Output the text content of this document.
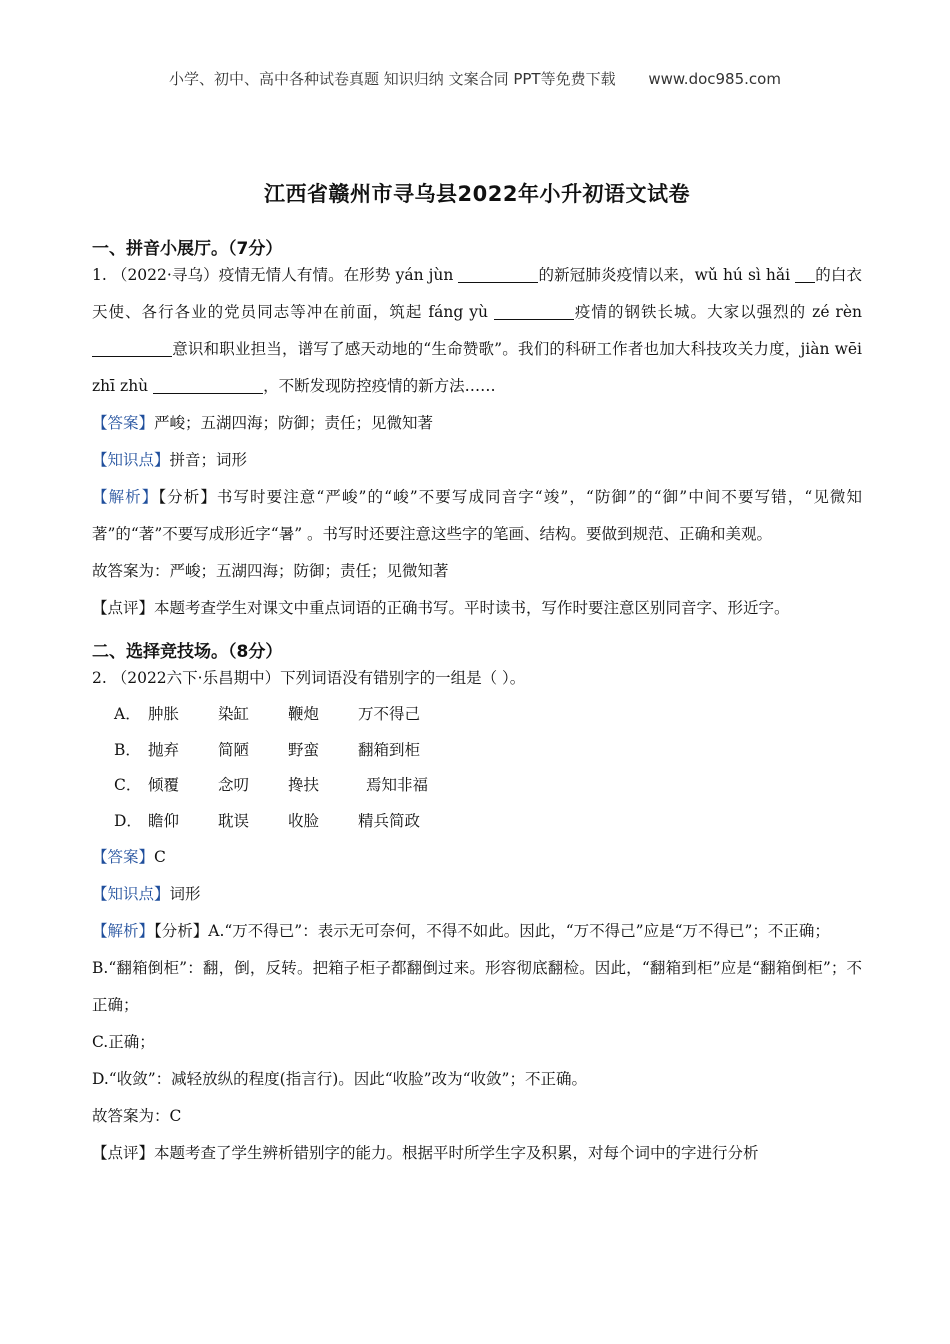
小学、初中、高中各种试卷真题 知识归纳 文案合同 PPT等免费下载 www.doc985.com
江西省赣州市寻乌县2022年小升初语文试卷
一、拼音小展厅。（7分）

1. （2022·寻乌）疫情无情人有情。在形势 yán jùn	的新冠肺炎疫情以来，wǔ hú sì hǎi 的白衣天使、各行各业的党员同志等冲在前面，筑起 fáng yù	疫情的钢铁长城。大家以强烈的 zé rèn 意识和职业担当，谱写了感天动地的“生命赞歌”。我们的科研工作者也加大科技攻关力度，jiàn wēi zhī zhù	，不断发现防控疫情的新方法……

【答案】严峻；五湖四海；防御；责任；见微知著

【知识点】拼音；词形

【解析】【分析】书写时要注意“严峻”的“峻”不要写成同音字“竣”，“防御”的“御”中间不要写错，“见微知著”的“著”不要写成形近字“暑” 。书写时还要注意这些字的笔画、结构。要做到规范、正确和美观。

故答案为：严峻；五湖四海；防御；责任；见微知著

【点评】本题考查学生对课文中重点词语的正确书写。平时读书，写作时要注意区别同音字、形近字。

二、选择竞技场。（8分）

2. （2022六下·乐昌期中）下列词语没有错别字的一组是（ ）。

A． 肿胀	染缸	鞭炮	万不得己
B． 抛弃	简陋	野蛮	翻箱到柜
C． 倾覆	念叨	搀扶	焉知非福
D． 瞻仰	耽误	收脸	精兵简政

【答案】C

【知识点】词形

【解析】【分析】A.“万不得已”：表示无可奈何，不得不如此。因此，“万不得己”应是“万不得已”；不正确；

B.“翻箱倒柜”：翻，倒，反转。把箱子柜子都翻倒过来。形容彻底翻检。因此，“翻箱到柜”应是“翻箱倒柜”；不正确；

C.正确；

D.“收敛”：减轻放纵的程度(指言行)。因此“收脸”改为“收敛”；不正确。

故答案为：C

【点评】本题考查了学生辨析错别字的能力。根据平时所学生字及积累，对每个词中的字进行分析
